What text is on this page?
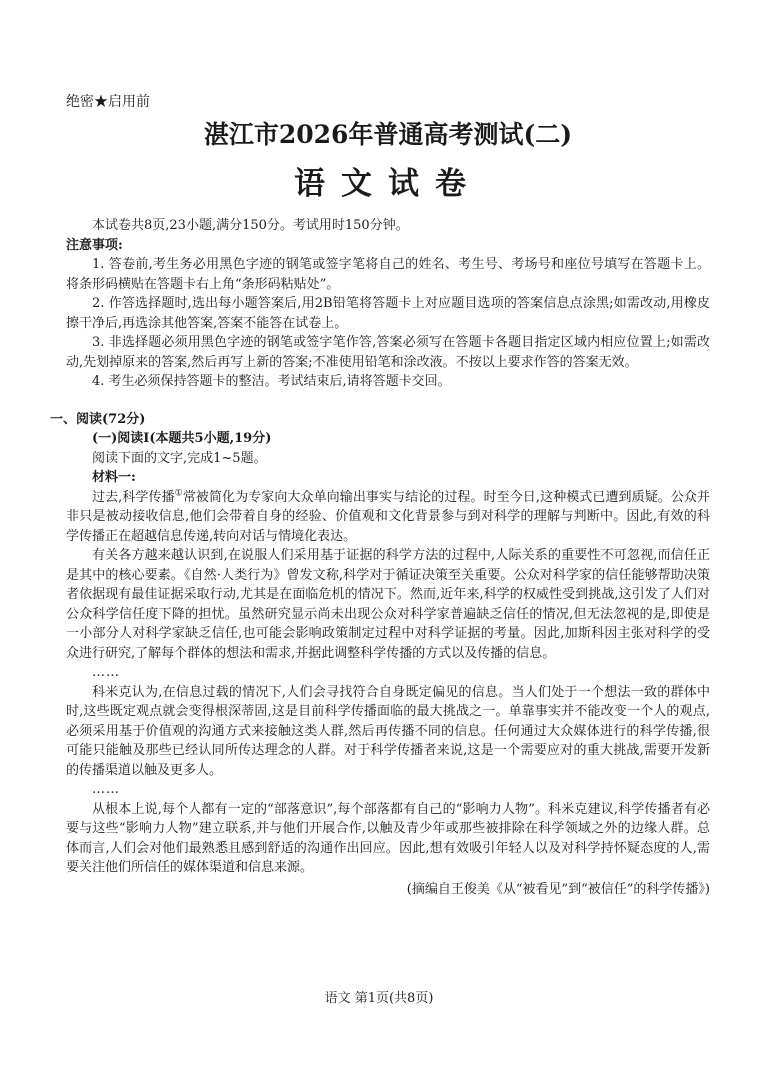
绝密★启用前
湛江市2026年普通高考测试(二)
语文试卷

本试卷共8页,23小题,满分150分。考试用时150分钟。

注意事项:

1. 答卷前,考生务必用黑色字迹的钢笔或签字笔将自己的姓名、考生号、考场号和座位号填写在答题卡上。将条形码横贴在答题卡右上角“条形码粘贴处”。

2. 作答选择题时,选出每小题答案后,用2B铅笔将答题卡上对应题目选项的答案信息点涂黑;如需改动,用橡皮擦干净后,再选涂其他答案,答案不能答在试卷上。

3. 非选择题必须用黑色字迹的钢笔或签字笔作答,答案必须写在答题卡各题目指定区域内相应位置上;如需改动,先划掉原来的答案,然后再写上新的答案;不准使用铅笔和涂改液。不按以上要求作答的答案无效。

4. 考生必须保持答题卡的整洁。考试结束后,请将答题卡交回。

一、阅读(72分)

(一)阅读Ⅰ(本题共5小题,19分)

阅读下面的文字,完成1~5题。

材料一:

过去,科学传播①常被简化为专家向大众单向输出事实与结论的过程。时至今日,这种模式已遭到质疑。公众并非只是被动接收信息,他们会带着自身的经验、价值观和文化背景参与到对科学的理解与判断中。因此,有效的科学传播正在超越信息传递,转向对话与情境化表达。

有关各方越来越认识到,在说服人们采用基于证据的科学方法的过程中,人际关系的重要性不可忽视,而信任正是其中的核心要素。《自然·人类行为》曾发文称,科学对于循证决策至关重要。公众对科学家的信任能够帮助决策者依据现有最佳证据采取行动,尤其是在面临危机的情况下。然而,近年来,科学的权威性受到挑战,这引发了人们对公众科学信任度下降的担忧。虽然研究显示尚未出现公众对科学家普遍缺乏信任的情况,但无法忽视的是,即使是一小部分人对科学家缺乏信任,也可能会影响政策制定过程中对科学证据的考量。因此,加斯科因主张对科学的受众进行研究,了解每个群体的想法和需求,并据此调整科学传播的方式以及传播的信息。

……

科米克认为,在信息过载的情况下,人们会寻找符合自身既定偏见的信息。当人们处于一个想法一致的群体中时,这些既定观点就会变得根深蒂固,这是目前科学传播面临的最大挑战之一。单靠事实并不能改变一个人的观点,必须采用基于价值观的沟通方式来接触这类人群,然后再传播不同的信息。任何通过大众媒体进行的科学传播,很可能只能触及那些已经认同所传达理念的人群。对于科学传播者来说,这是一个需要应对的重大挑战,需要开发新的传播渠道以触及更多人。

……

从根本上说,每个人都有一定的“部落意识”,每个部落都有自己的“影响力人物”。科米克建议,科学传播者有必要与这些“影响力人物”建立联系,并与他们开展合作,以触及青少年或那些被排除在科学领域之外的边缘人群。总体而言,人们会对他们最熟悉且感到舒适的沟通作出回应。因此,想有效吸引年轻人以及对科学持怀疑态度的人,需要关注他们所信任的媒体渠道和信息来源。

(摘编自王俊美《从“被看见”到“被信任”的科学传播》)

语文 第1页(共8页)
